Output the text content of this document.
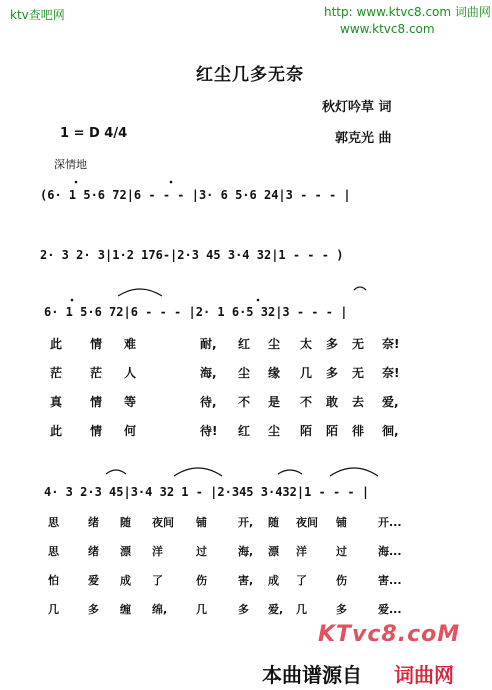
ktv查吧网	http: www.ktvc8.com 词曲网
www.ktvc8.com
红尘几多无奈
秋灯吟草 词
1 = D 4/4	郭克光 曲
深情地
(6· 1 5·6 72|6 - - - |3· 6 5·6 24|3 - - - |
2· 3 2· 3|1·2 176-|2·3 45 3·4 32|1 - - - )
6· 1 5·6 72|6 - - - |2· 1 6·5 32|3 - - - |
此 情 难	耐, 红 尘 太 多 无 奈!
茫 茫 人	海, 尘 缘 几 多 无 奈!
真 情 等	待, 不 是 不 敢 去 爱,
此 情 何	待! 红 尘 陌 陌 徘 徊,
4· 3 2·3 45|3·4 32 1 - |2·345 3·432|1 - - - |
思	绪 随 夜间 铺	开, 随 夜间 铺	开...
思	绪 漂 洋	过	海, 漂 洋	过	海...
怕	爱 成 了	伤	害, 成 了	伤	害...
几	多 缠 绵,	几	多 爱, 几	多	爱...
KTvc8.coM
本曲谱源自 词曲网
